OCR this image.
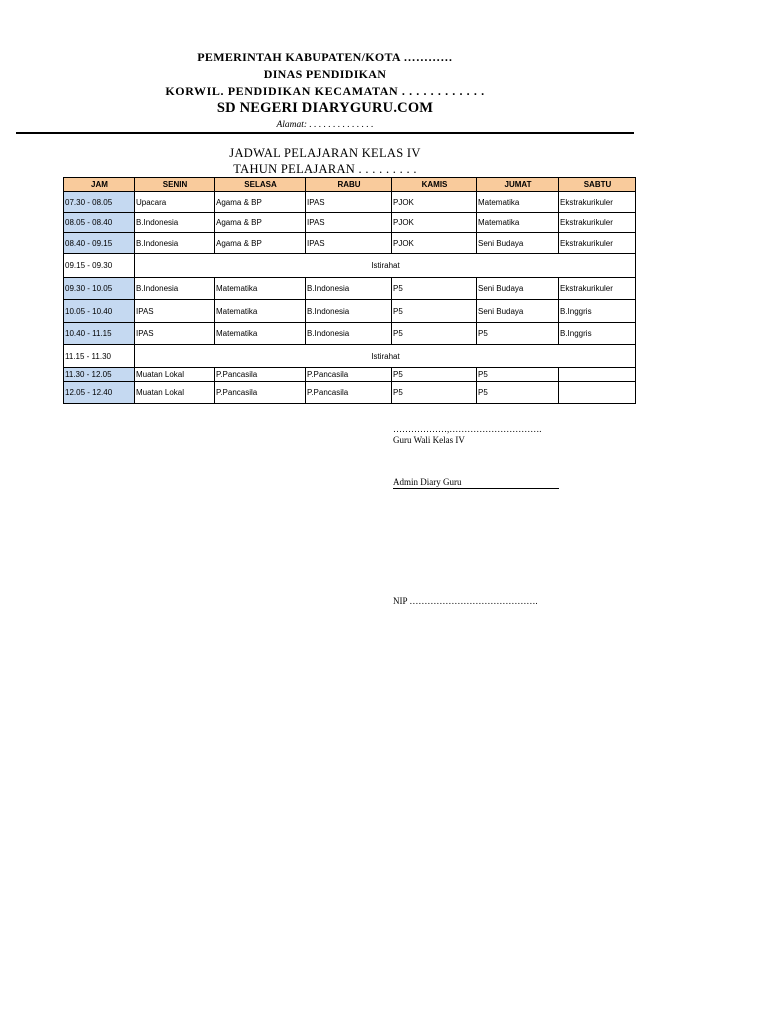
PEMERINTAH KABUPATEN/KOTA …………
DINAS PENDIDIKAN
KORWIL. PENDIDIKAN KECAMATAN . . . . . . . . . . . .
SD NEGERI DIARYGURU.COM
Alamat: . . . . . . . . . . . . . .
JADWAL PELAJARAN KELAS IV
TAHUN PELAJARAN . . . . . . . . .
JAM	SENIN	SELASA	RABU	KAMIS	JUMAT	SABTU
07.30 - 08.05	Upacara	Agama & BP	IPAS	PJOK	Matematika	Ekstrakurikuler
08.05 - 08.40	B.Indonesia	Agama & BP	IPAS	PJOK	Matematika	Ekstrakurikuler
08.40 - 09.15	B.Indonesia	Agama & BP	IPAS	PJOK	Seni Budaya	Ekstrakurikuler
09.15 - 09.30	Istirahat					
09.30 - 10.05	B.Indonesia	Matematika	B.Indonesia	P5	Seni Budaya	Ekstrakurikuler
10.05 - 10.40	IPAS	Matematika	B.Indonesia	P5	Seni Budaya	B.Inggris
10.40 - 11.15	IPAS	Matematika	B.Indonesia	P5	P5	B.Inggris
11.15 - 11.30	Istirahat					
11.30 - 12.05	Muatan Lokal	P.Pancasila	P.Pancasila	P5	P5	
12.05 - 12.40	Muatan Lokal	P.Pancasila	P.Pancasila	P5	P5	
………………,………………………….
Guru Wali Kelas IV
Admin Diary Guru
NIP …………………………………….
